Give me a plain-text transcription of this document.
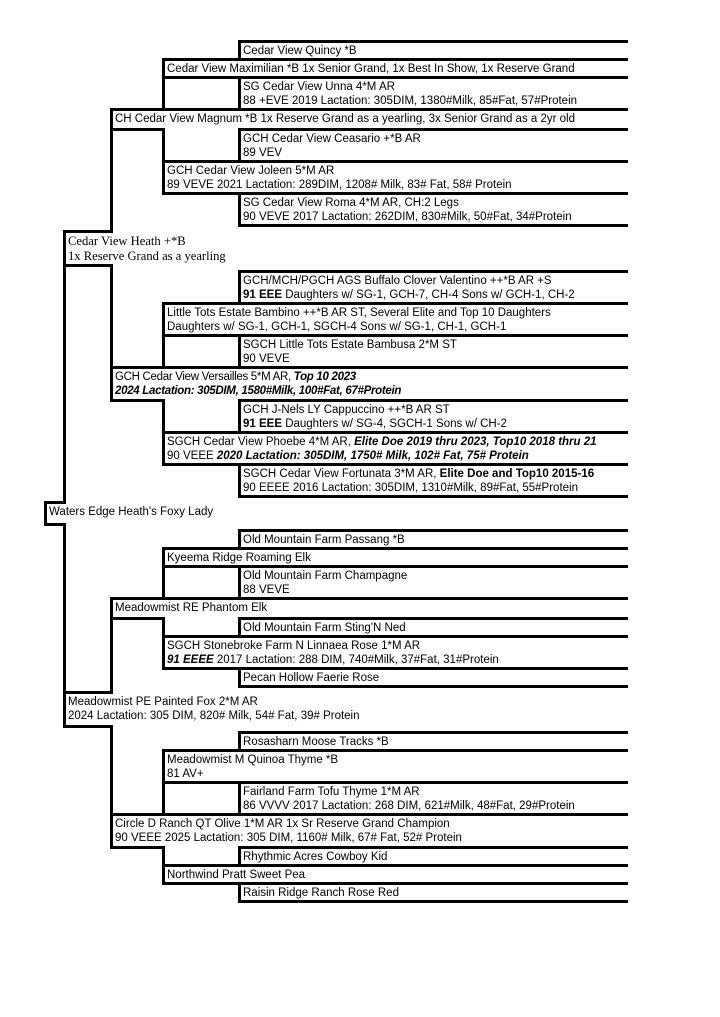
Cedar View Quincy *B
Cedar View Maximilian *B 1x Senior Grand, 1x Best In Show, 1x Reserve Grand
SG Cedar View Unna 4*M AR
88 +EVE 2019 Lactation: 305DIM, 1380#Milk, 85#Fat, 57#Protein
CH Cedar View Magnum *B 1x Reserve Grand as a yearling, 3x Senior Grand as a 2yr old
GCH Cedar View Ceasario +*B AR
89 VEV
GCH Cedar View Joleen 5*M AR
89 VEVE 2021 Lactation: 289DIM, 1208# Milk, 83# Fat, 58# Protein
SG Cedar View Roma 4*M AR, CH:2 Legs
90 VEVE 2017 Lactation: 262DIM, 830#Milk, 50#Fat, 34#Protein
Cedar View Heath +*B
1x Reserve Grand as a yearling
GCH/MCH/PGCH AGS Buffalo Clover Valentino ++*B AR +S
91 EEE Daughters w/ SG-1, GCH-7, CH-4 Sons w/ GCH-1, CH-2
Little Tots Estate Bambino ++*B AR ST, Several Elite and Top 10 Daughters
Daughters w/ SG-1, GCH-1, SGCH-4 Sons w/ SG-1, CH-1, GCH-1
SGCH Little Tots Estate Bambusa 2*M ST
90 VEVE
GCH Cedar View Versailles 5*M AR, Top 10 2023
2024 Lactation: 305DIM, 1580#Milk, 100#Fat, 67#Protein
GCH J-Nels LY Cappuccino ++*B AR ST
91 EEE Daughters w/ SG-4, SGCH-1 Sons w/ CH-2
SGCH Cedar View Phoebe 4*M AR, Elite Doe 2019 thru 2023, Top10 2018 thru 21
90 VEEE 2020 Lactation: 305DIM, 1750# Milk, 102# Fat, 75# Protein
SGCH Cedar View Fortunata 3*M AR, Elite Doe and Top10 2015-16
90 EEEE 2016 Lactation: 305DIM, 1310#Milk, 89#Fat, 55#Protein
Waters Edge Heath's Foxy Lady
Old Mountain Farm Passang *B
Kyeema Ridge Roaming Elk
Old Mountain Farm Champagne
88 VEVE
Meadowmist RE Phantom Elk
Old Mountain Farm Sting'N Ned
SGCH Stonebroke Farm N Linnaea Rose 1*M AR
91 EEEE 2017 Lactation: 288 DIM, 740#Milk, 37#Fat, 31#Protein
Pecan Hollow Faerie Rose
Meadowmist PE Painted Fox 2*M AR
2024 Lactation: 305 DIM, 820# Milk, 54# Fat, 39# Protein
Rosasharn Moose Tracks *B
Meadowmist M Quinoa Thyme *B
81 AV+
Fairland Farm Tofu Thyme 1*M AR
86 VVVV 2017 Lactation: 268 DIM, 621#Milk, 48#Fat, 29#Protein
Circle D Ranch QT Olive 1*M AR 1x Sr Reserve Grand Champion
90 VEEE 2025 Lactation: 305 DIM, 1160# Milk, 67# Fat, 52# Protein
Rhythmic Acres Cowboy Kid
Northwind Pratt Sweet Pea
Raisin Ridge Ranch Rose Red
